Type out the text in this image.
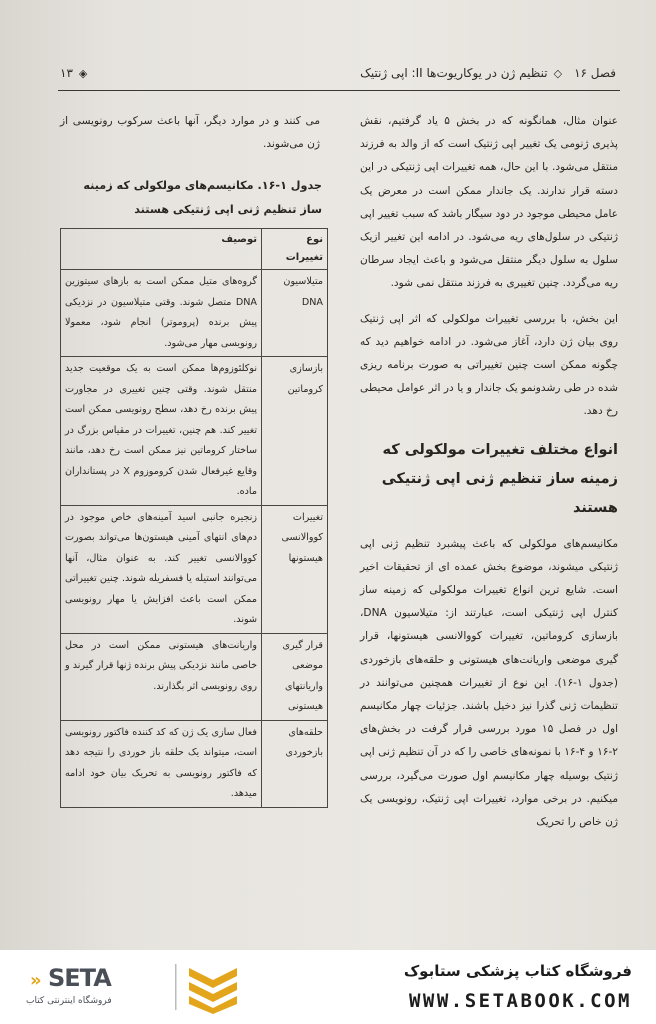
فصل ۱۶
◇
تنظیم ژن در یوکاریوت‌ها II: اپی ژنتیک
◈
۱۳

عنوان مثال، همانگونه که در بخش ۵ یاد گرفتیم، نقش پذیری ژنومی یک تغییر اپی ژنتیک است که از والد به فرزند منتقل می‌شود. با این حال، همه تغییرات اپی ژنتیکی در این دسته قرار ندارند. یک جاندار ممکن است در معرض یک عامل محیطی موجود در دود سیگار باشد که سبب تغییر اپی ژنتیکی در سلول‌های ریه می‌شود. در ادامه این تغییر ازیک سلول به سلول دیگر منتقل می‌شود و باعث ایجاد سرطان ریه می‌گردد. چنین تغییری به فرزند منتقل نمی شود.

این بخش، با بررسی تغییرات مولکولی که اثر اپی ژنتیک روی بیان ژن دارد، آغاز می‌شود. در ادامه خواهیم دید که چگونه ممکن است چنین تغییراتی به صورت برنامه ریزی شده در طی رشدونمو یک جاندار و یا در اثر عوامل محیطی رخ دهد.

انواع مختلف تغییرات مولکولی که زمینه ساز تنظیم ژنی اپی ژنتیکی هستند

مکانیسم‌های مولکولی که باعث پیشبرد تنظیم ژنی اپی ژنتیکی میشوند، موضوع بخش عمده ای از تحقیقات اخیر است. شایع ترین انواع تغییرات مولکولی که زمینه ساز کنترل اپی ژنتیکی است، عبارتند از: متیلاسیون DNA، بازسازی کروماتین، تغییرات کووالانسی هیستونها، قرار گیری موضعی واریانت‌های هیستونی و حلقه‌های بازخوردی (جدول ۱-۱۶). این نوع از تغییرات همچنین می‌توانند در تنظیمات ژنی گذرا نیز دخیل باشند. جزئیات چهار مکانیسم اول در فصل ۱۵ مورد بررسی قرار گرفت در بخش‌های ۲-۱۶ و ۴-۱۶ با نمونه‌های خاصی را که در آن تنظیم ژنی اپی ژنتیک بوسیله چهار مکانیسم اول صورت می‌گیرد، بررسی میکنیم. در برخی موارد، تغییرات اپی ژنتیک، رونویسی یک ژن خاص را تحریک

می کنند و در موارد دیگر، آنها باعث سرکوب رونویسی از ژن می‌شوند.

جدول ۱-۱۶. مکانیسم‌های مولکولی که زمینه ساز تنظیم ژنی اپی ژنتیکی هستند
نوع تغییرات	توصیف
متیلاسیون DNA	گروه‌های متیل ممکن است به بازهای سیتوزین DNA متصل شوند. وقتی متیلاسیون در نزدیکی پیش برنده (پروموتر) انجام شود، معمولا رونویسی مهار می‌شود.
بازسازی کروماتین	نوکلئوزوم‌ها ممکن است به یک موقعیت جدید منتقل شوند. وقتی چنین تغییری در مجاورت پیش برنده رخ دهد، سطح رونویسی ممکن است تغییر کند. هم چنین، تغییرات در مقیاس بزرگ در ساختار کروماتین نیز ممکن است رخ دهد، مانند وقایع غیرفعال شدن کروموزوم X در پستانداران ماده.
تغییرات کووالانسی هیستونها	زنجیره جانبی اسید آمینه‌های خاص موجود در دم‌های انتهای آمینی هیستون‌ها می‌تواند بصورت کووالانسی تغییر کند. به عنوان مثال، آنها می‌توانند استیله یا فسفریله شوند. چنین تغییراتی ممکن است باعث افزایش یا مهار رونویسی شوند.
قرار گیری موضعی واریانتهای هیستونی	واریانت‌های هیستونی ممکن است در محل خاصی مانند نزدیکی پیش برنده ژنها قرار گیرند و روی رونویسی اثر بگذارند.
حلقه‌های بازخوردی	فعال سازی یک ژن که کد کننده فاکتور رونویسی است، میتواند یک حلقه باز خوردی را نتیجه دهد که فاکتور رونویسی به تحریک بیان خود ادامه میدهد.
« SETA
فروشگاه اینترنتی کتاب
فروشگاه کتاب پزشکی ستابوک
WWW.SETABOOK.COM
